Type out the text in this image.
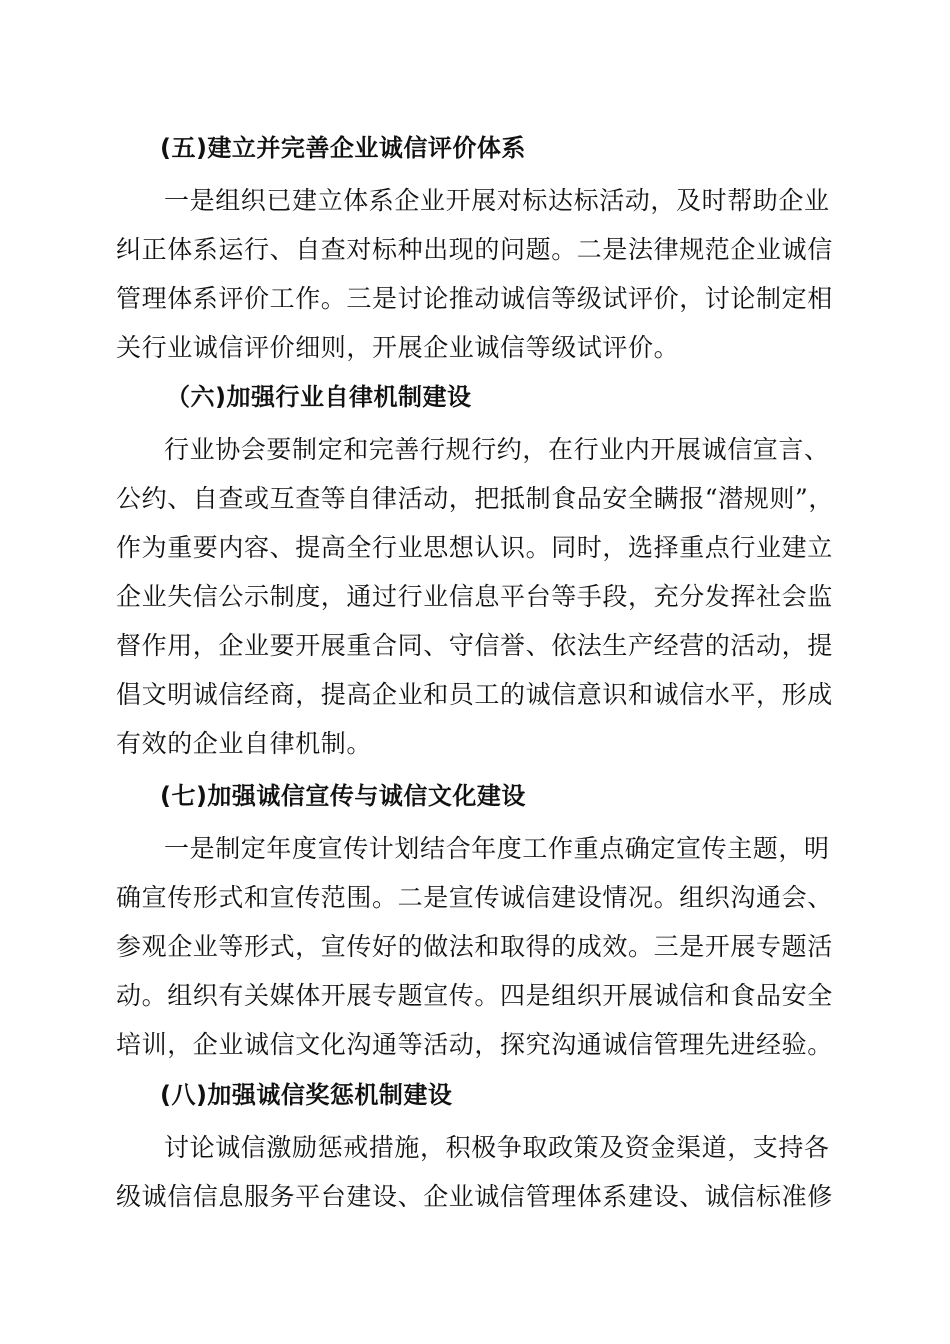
(五)建立并完善企业诚信评价体系
一是组织已建立体系企业开展对标达标活动，及时帮助企业
纠正体系运行、自查对标种出现的问题。二是法律规范企业诚信
管理体系评价工作。三是讨论推动诚信等级试评价，讨论制定相
关行业诚信评价细则，开展企业诚信等级试评价。
（六)加强行业自律机制建设
行业协会要制定和完善行规行约，在行业内开展诚信宣言、
公约、自查或互查等自律活动，把抵制食品安全瞒报“潜规则”，
作为重要内容、提高全行业思想认识。同时，选择重点行业建立
企业失信公示制度，通过行业信息平台等手段，充分发挥社会监
督作用，企业要开展重合同、守信誉、依法生产经营的活动，提
倡文明诚信经商，提高企业和员工的诚信意识和诚信水平，形成
有效的企业自律机制。
(七)加强诚信宣传与诚信文化建设
一是制定年度宣传计划结合年度工作重点确定宣传主题，明
确宣传形式和宣传范围。二是宣传诚信建设情况。组织沟通会、
参观企业等形式，宣传好的做法和取得的成效。三是开展专题活
动。组织有关媒体开展专题宣传。四是组织开展诚信和食品安全
培训，企业诚信文化沟通等活动，探究沟通诚信管理先进经验。
(八)加强诚信奖惩机制建设
讨论诚信激励惩戒措施，积极争取政策及资金渠道，支持各
级诚信信息服务平台建设、企业诚信管理体系建设、诚信标准修
